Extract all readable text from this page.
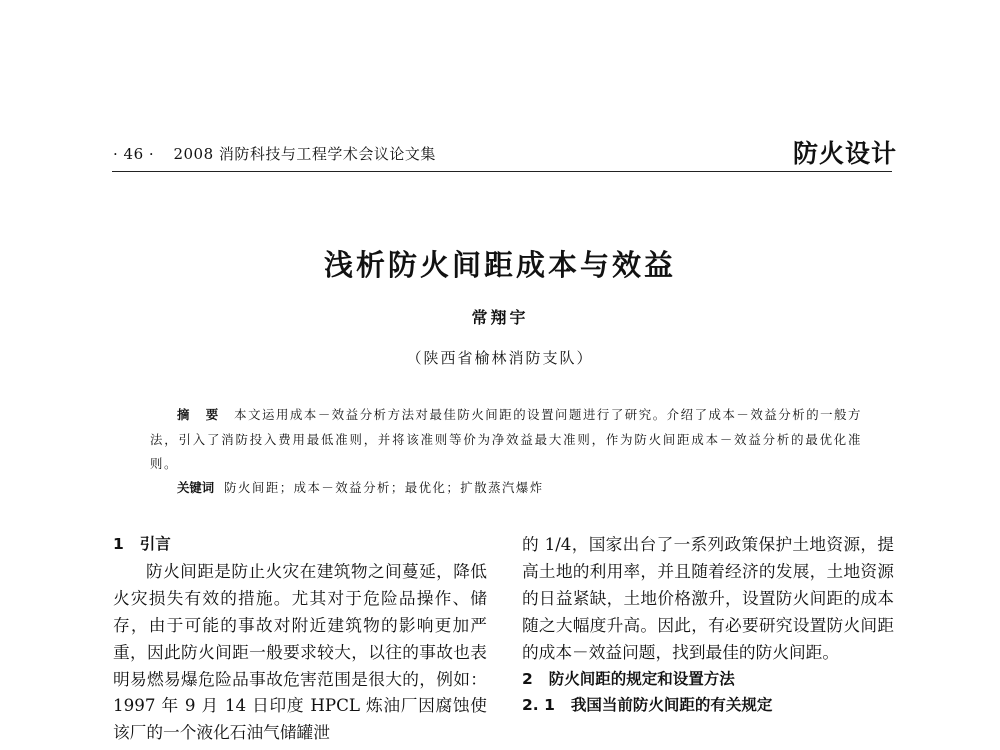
· 46 · 2008 消防科技与工程学术会议论文集	防火设计
浅析防火间距成本与效益
常翔宇
（陕西省榆林消防支队）
摘 要 本文运用成本－效益分析方法对最佳防火间距的设置问题进行了研究。介绍了成本－效益分析的一般方法，引入了消防投入费用最低准则，并将该准则等价为净效益最大准则，作为防火间距成本－效益分析的最优化准则。
关键词 防火间距；成本－效益分析；最优化；扩散蒸汽爆炸
1 引言

防火间距是防止火灾在建筑物之间蔓延，降低火灾损失有效的措施。尤其对于危险品操作、储存，由于可能的事故对附近建筑物的影响更加严重，因此防火间距一般要求较大，以往的事故也表明易燃易爆危险品事故危害范围是很大的，例如：1997 年 9 月 14 日印度 HPCL 炼油厂因腐蚀使该厂的一个液化石油气储罐泄

的 1/4，国家出台了一系列政策保护土地资源，提高土地的利用率，并且随着经济的发展，土地资源的日益紧缺，土地价格激升，设置防火间距的成本随之大幅度升高。因此，有必要研究设置防火间距的成本－效益问题，找到最佳的防火间距。

2 防火间距的规定和设置方法
2. 1 我国当前防火间距的有关规定
